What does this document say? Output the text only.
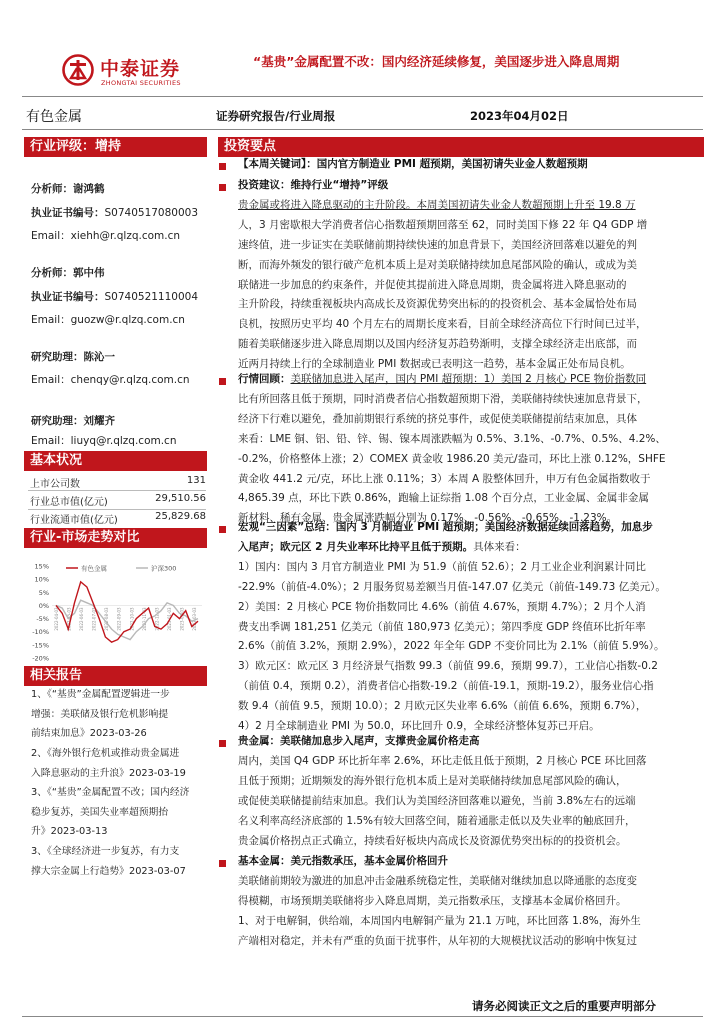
中泰证券
ZHONGTAI SECURITIES
“基贵”金属配置不改：国内经济延续修复，美国逐步进入降息周期
有色金属	证券研究报告/行业周报	2023年04月02日
行业评级：增持
分析师：谢鸿鹤
执业证书编号：S0740517080003
Email：xiehh@r.qlzq.com.cn
分析师：郭中伟
执业证书编号：S0740521110004
Email：guozw@r.qlzq.com.cn
研究助理：陈沁一
Email：chenqy@r.qlzq.com.cn
研究助理：刘耀齐
Email：liuyq@r.qlzq.com.cn
基本状况
上市公司数	131
行业总市值(亿元)	29,510.56
行业流通市值(亿元)	25,829.68
行业-市场走势对比
15%
10%
5%
0%
-5%
-10%
-15%
-20%
2022-04-03 2022-05-03 2022-06-03 2022-07-03 2022-08-03 2022-09-03 2022-10-03 2022-11-03 2022-12-03 2023-01-03 2023-02-03 2023-03-03
有色金属	沪深300
相关报告
1、《“基贵”金属配置逻辑进一步
增强：美联储及银行危机影响提
前结束加息》2023-03-26
2、《海外银行危机或推动贵金属进
入降息驱动的主升浪》2023-03-19
3、《“基贵”金属配置不改；国内经济
稳步复苏，美国失业率超预期抬
升》2023-03-13
3、《全球经济进一步复苏，有力支
撑大宗金属上行趋势》2023-03-07
投资要点
【本周关键词】：国内官方制造业 PMI 超预期，美国初请失业金人数超预期
投资建议：维持行业“增持”评级
贵金属或将进入降息驱动的主升阶段。本周美国初请失业金人数超预期上升至 19.8 万
人，3 月密歇根大学消费者信心指数超预期回落至 62，同时美国下修 22 年 Q4 GDP 增
速终值，进一步证实在美联储前期持续快速的加息背景下，美国经济回落难以避免的判
断，而海外频发的银行破产危机本质上是对美联储持续加息尾部风险的确认，或成为美
联储进一步加息的约束条件，并促使其提前进入降息周期，贵金属将进入降息驱动的
主升阶段，持续重视板块内高成长及资源优势突出标的的投资机会、基本金属恰处布局
良机，按照历史平均 40 个月左右的周期长度来看，目前全球经济高位下行时间已过半，
随着美联储逐步进入降息周期以及国内经济复苏趋势渐明，支撑全球经济走出底部，而
近两月持续上行的全球制造业 PMI 数据或已表明这一趋势，基本金属正处布局良机。
行情回顾：美联储加息进入尾声，国内 PMI 超预期：1）美国 2 月核心 PCE 物价指数同
比有所回落且低于预期，同时消费者信心指数超预期下滑，美联储持续快速加息背景下，
经济下行难以避免，叠加前期银行系统的挤兑事件，或促使美联储提前结束加息，具体
来看：LME 铜、铝、铅、锌、锡、镍本周涨跌幅为 0.5%、3.1%、-0.7%、0.5%、4.2%、
-0.2%，价格整体上涨；2）COMEX 黄金收 1986.20 美元/盎司，环比上涨 0.12%，SHFE
黄金收 441.2 元/克，环比上涨 0.11%；3）本周 A 股整体回升，申万有色金属指数收于
4,865.39 点，环比下跌 0.86%，跑输上证综指 1.08 个百分点，工业金属、金属非金属
新材料、稀有金属、贵金属涨跌幅分别为 0.17%、-0.56%、-0.65%、-1.23%。
宏观“三因素”总结：国内 3 月制造业 PMI 超预期；美国经济数据延续回落趋势，加息步
入尾声；欧元区 2 月失业率环比持平且低于预期。具体来看：
1）国内：国内 3 月官方制造业 PMI 为 51.9（前值 52.6）；2 月工业企业利润累计同比
-22.9%（前值-4.0%）；2 月服务贸易差额当月值-147.07 亿美元（前值-149.73 亿美元）。
2）美国：2 月核心 PCE 物价指数同比 4.6%（前值 4.67%，预期 4.7%）；2 月个人消
费支出季调 181,251 亿美元（前值 180,973 亿美元）；第四季度 GDP 终值环比折年率
2.6%（前值 3.2%，预期 2.9%），2022 年全年 GDP 不变价同比为 2.1%（前值 5.9%）。
3）欧元区：欧元区 3 月经济景气指数 99.3（前值 99.6，预期 99.7），工业信心指数-0.2
（前值 0.4，预期 0.2），消费者信心指数-19.2（前值-19.1，预期-19.2），服务业信心指
数 9.4（前值 9.5，预期 10.0）；2 月欧元区失业率 6.6%（前值 6.6%，预期 6.7%），
4）2 月全球制造业 PMI 为 50.0，环比回升 0.9，全球经济整体复苏已开启。
贵金属：美联储加息步入尾声，支撑贵金属价格走高
周内，美国 Q4 GDP 环比折年率 2.6%，环比走低且低于预期，2 月核心 PCE 环比回落
且低于预期；近期频发的海外银行危机本质上是对美联储持续加息尾部风险的确认，
或促使美联储提前结束加息。我们认为美国经济回落难以避免，当前 3.8%左右的远端
名义利率高经济底部的 1.5%有较大回落空间，随着通胀走低以及失业率的触底回升，
贵金属价格拐点正式确立，持续看好板块内高成长及资源优势突出标的的投资机会。
基本金属：美元指数承压，基本金属价格回升
美联储前期较为激进的加息冲击金融系统稳定性，美联储对继续加息以降通胀的态度变
得模糊，市场预期美联储将步入降息周期，美元指数承压，支撑基本金属价格回升。
1、对于电解铜，供给端，本周国内电解铜产量为 21.1 万吨，环比回落 1.8%，海外生
产端相对稳定，并未有严重的负面干扰事件，从年初的大规模扰议活动的影响中恢复过
请务必阅读正文之后的重要声明部分
